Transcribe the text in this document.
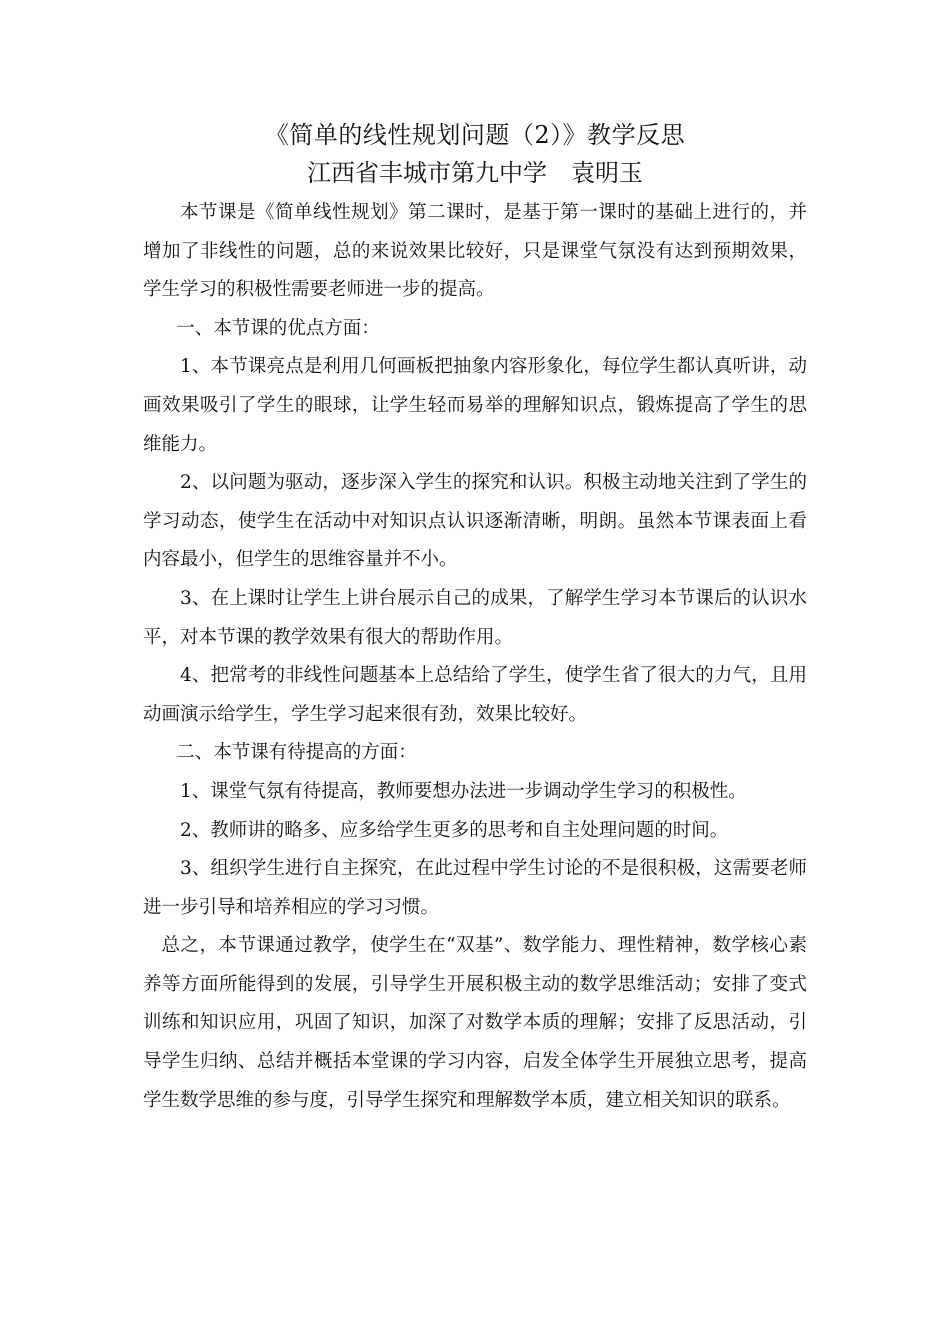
《简单的线性规划问题（2）》教学反思
江西省丰城市第九中学　袁明玉

本节课是《简单线性规划》第二课时，是基于第一课时的基础上进行的，并增加了非线性的问题，总的来说效果比较好，只是课堂气氛没有达到预期效果，学生学习的积极性需要老师进一步的提高。

一、本节课的优点方面：

1、本节课亮点是利用几何画板把抽象内容形象化，每位学生都认真听讲，动画效果吸引了学生的眼球，让学生轻而易举的理解知识点，锻炼提高了学生的思维能力。

2、以问题为驱动，逐步深入学生的探究和认识。积极主动地关注到了学生的学习动态，使学生在活动中对知识点认识逐渐清晰，明朗。虽然本节课表面上看内容最小，但学生的思维容量并不小。

3、在上课时让学生上讲台展示自己的成果，了解学生学习本节课后的认识水平，对本节课的教学效果有很大的帮助作用。

4、把常考的非线性问题基本上总结给了学生，使学生省了很大的力气，且用动画演示给学生，学生学习起来很有劲，效果比较好。

二、本节课有待提高的方面：

1、课堂气氛有待提高，教师要想办法进一步调动学生学习的积极性。

2、教师讲的略多、应多给学生更多的思考和自主处理问题的时间。

3、组织学生进行自主探究，在此过程中学生讨论的不是很积极，这需要老师进一步引导和培养相应的学习习惯。

总之，本节课通过教学，使学生在“双基”、数学能力、理性精神，数学核心素养等方面所能得到的发展，引导学生开展积极主动的数学思维活动；安排了变式训练和知识应用，巩固了知识，加深了对数学本质的理解；安排了反思活动，引导学生归纳、总结并概括本堂课的学习内容，启发全体学生开展独立思考，提高学生数学思维的参与度，引导学生探究和理解数学本质，建立相关知识的联系。
